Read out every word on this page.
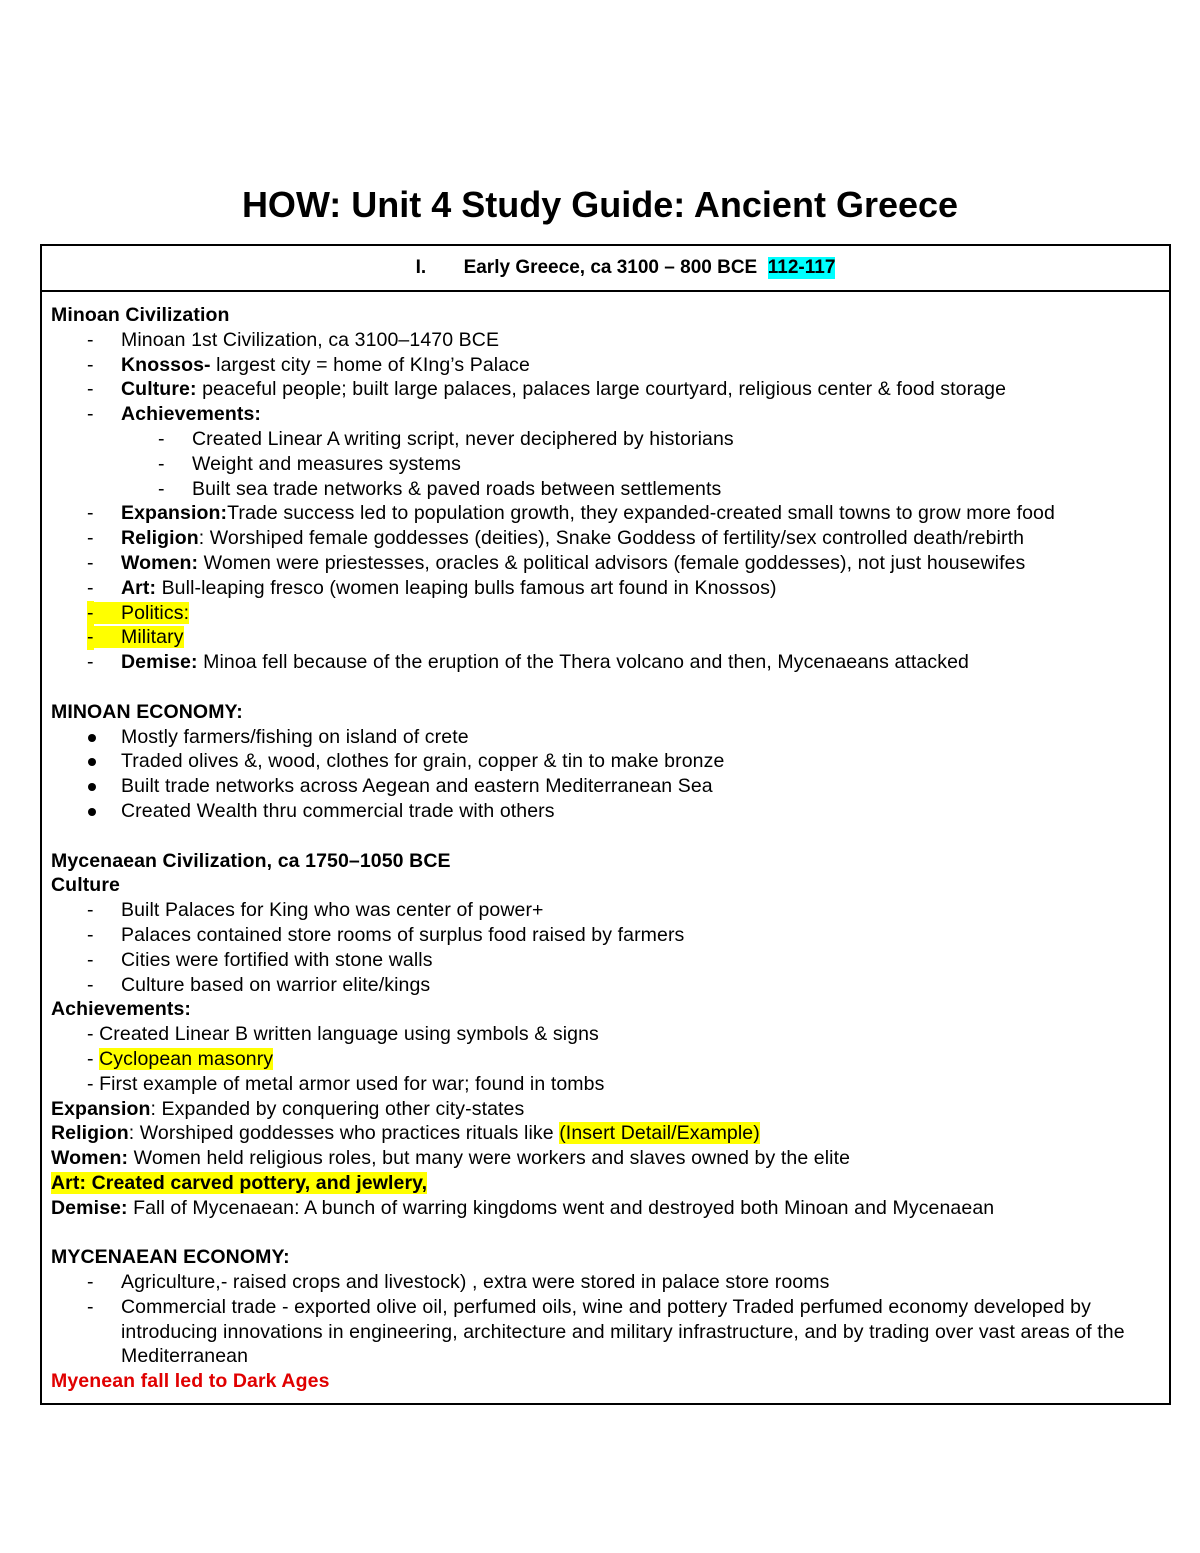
HOW: Unit 4 Study Guide: Ancient Greece
I.	Early Greece, ca 3100 – 800 BCE
112-117
Minoan Civilization
- Minoan 1st Civilization, ca 3100–1470 BCE
- Knossos- largest city = home of KIng’s Palace
- Culture: peaceful people; built large palaces, palaces large courtyard, religious center & food storage
- Achievements:
- Created Linear A writing script, never deciphered by historians
- Weight and measures systems
- Built sea trade networks & paved roads between settlements
- Expansion:Trade success led to population growth, they expanded-created small towns to grow more food
- Religion: Worshiped female goddesses (deities), Snake Goddess of fertility/sex controlled death/rebirth
- Women: Women were priestesses, oracles & political advisors (female goddesses), not just housewifes
- Art: Bull-leaping fresco (women leaping bulls famous art found in Knossos)
- Politics:
- Military
- Demise: Minoa fell because of the eruption of the Thera volcano and then, Mycenaeans attacked
MINOAN ECONOMY:
Mostly farmers/fishing on island of crete
Traded olives &, wood, clothes for grain, copper & tin to make bronze
Built trade networks across Aegean and eastern Mediterranean Sea
Created Wealth thru commercial trade with others
Mycenaean Civilization, ca 1750–1050 BCE
Culture
- Built Palaces for King who was center of power+
- Palaces contained store rooms of surplus food raised by farmers
- Cities were fortified with stone walls
- Culture based on warrior elite/kings
Achievements:
- Created Linear B written language using symbols & signs
- Cyclopean masonry
- First example of metal armor used for war; found in tombs
Expansion: Expanded by conquering other city-states
Religion: Worshiped goddesses who practices rituals like (Insert Detail/Example)
Women: Women held religious roles, but many were workers and slaves owned by the elite
Art: Created carved pottery, and jewlery,
Demise: Fall of Mycenaean: A bunch of warring kingdoms went and destroyed both Minoan and Mycenaean
MYCENAEAN ECONOMY:
- Agriculture,- raised crops and livestock) , extra were stored in palace store rooms
- Commercial trade - exported olive oil, perfumed oils, wine and pottery Traded perfumed economy developed by introducing innovations in engineering, architecture and military infrastructure, and by trading over vast areas of the Mediterranean
Myenean fall led to Dark Ages
